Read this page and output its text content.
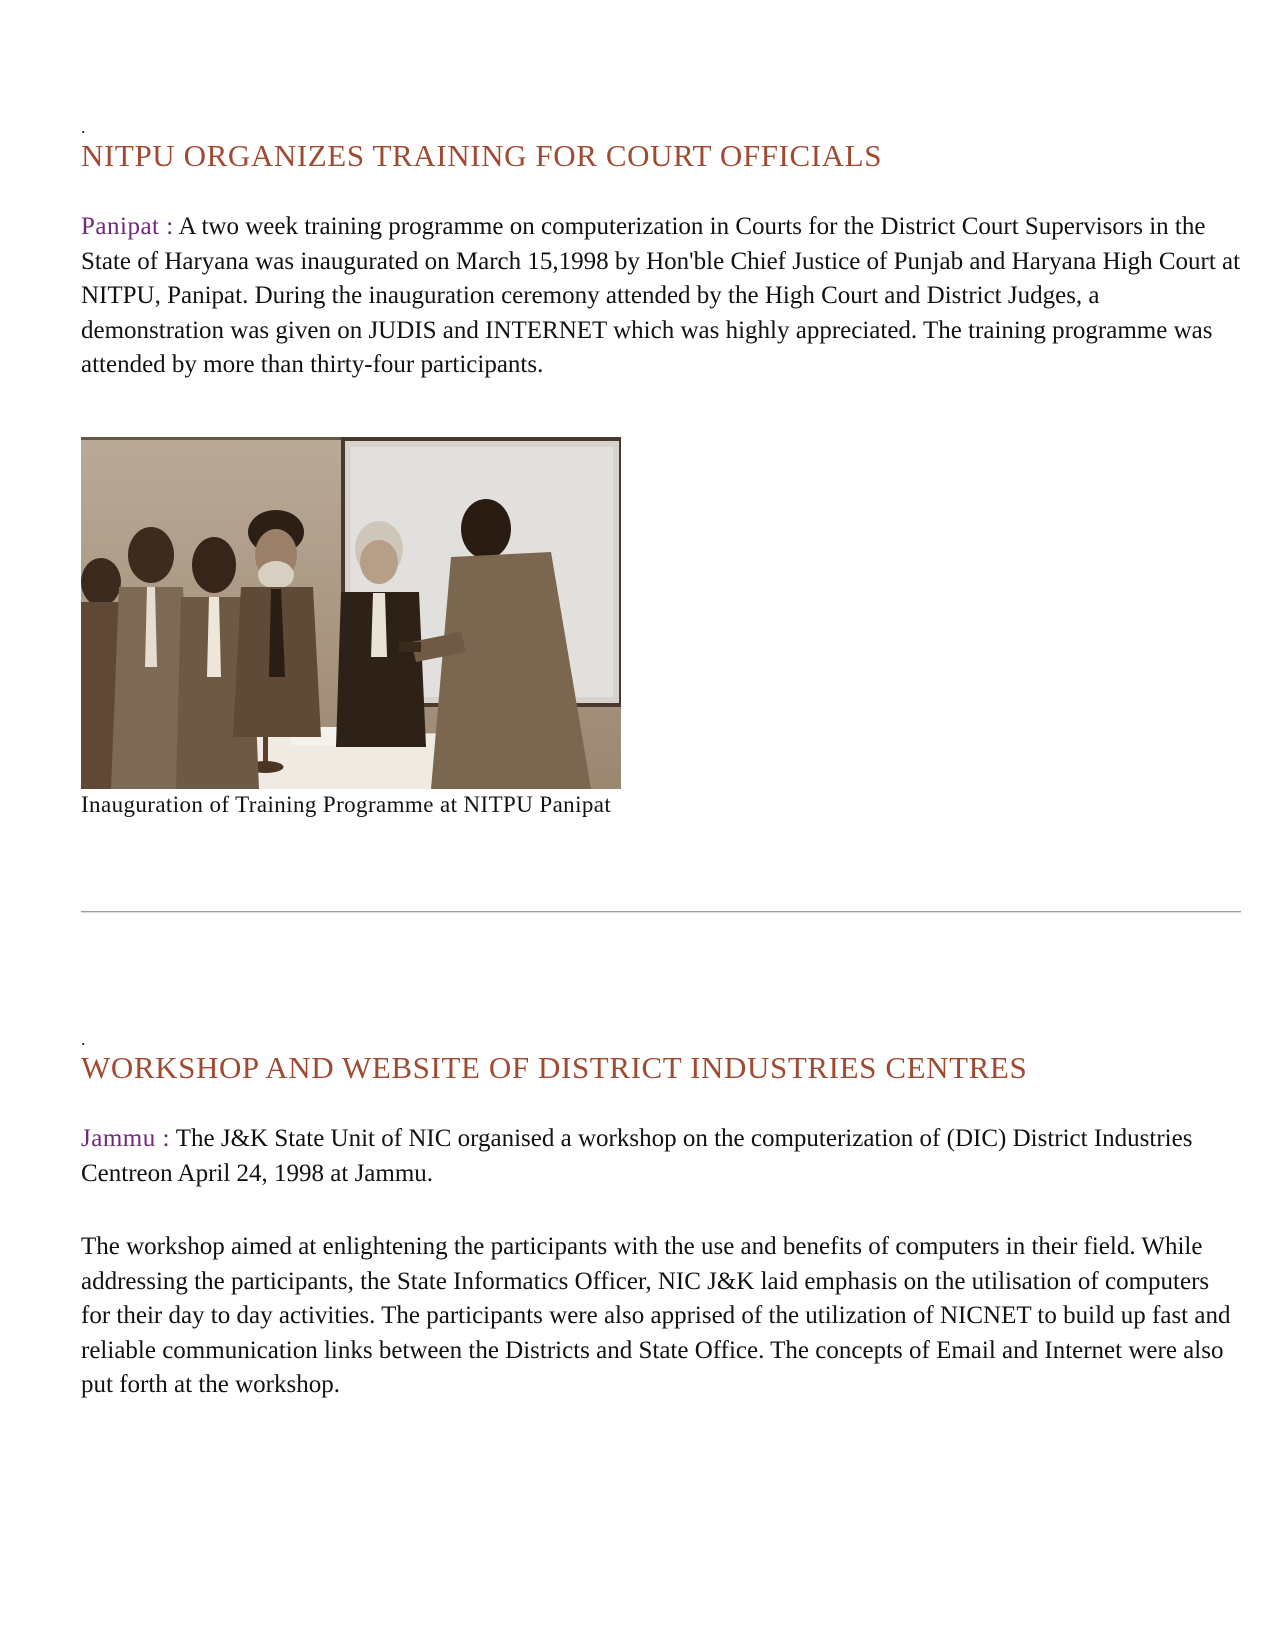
.
NITPU ORGANIZES TRAINING FOR COURT OFFICIALS

Panipat : A two week training programme on computerization in Courts for the District Court Supervisors in the State of Haryana was inaugurated on March 15,1998 by Hon'ble Chief Justice of Punjab and Haryana High Court at NITPU, Panipat. During the inauguration ceremony attended by the High Court and District Judges, a demonstration was given on JUDIS and INTERNET which was highly appreciated. The training programme was attended by more than thirty-four participants.

Inauguration of Training Programme at NITPU Panipat
.
WORKSHOP AND WEBSITE OF DISTRICT INDUSTRIES CENTRES

Jammu : The J&K State Unit of NIC organised a workshop on the computerization of (DIC) District Industries Centreon April 24, 1998 at Jammu.

The workshop aimed at enlightening the participants with the use and benefits of computers in their field. While addressing the participants, the State Informatics Officer, NIC J&K laid emphasis on the utilisation of computers for their day to day activities. The participants were also apprised of the utilization of NICNET to build up fast and reliable communication links between the Districts and State Office. The concepts of Email and Internet were also put forth at the workshop.
